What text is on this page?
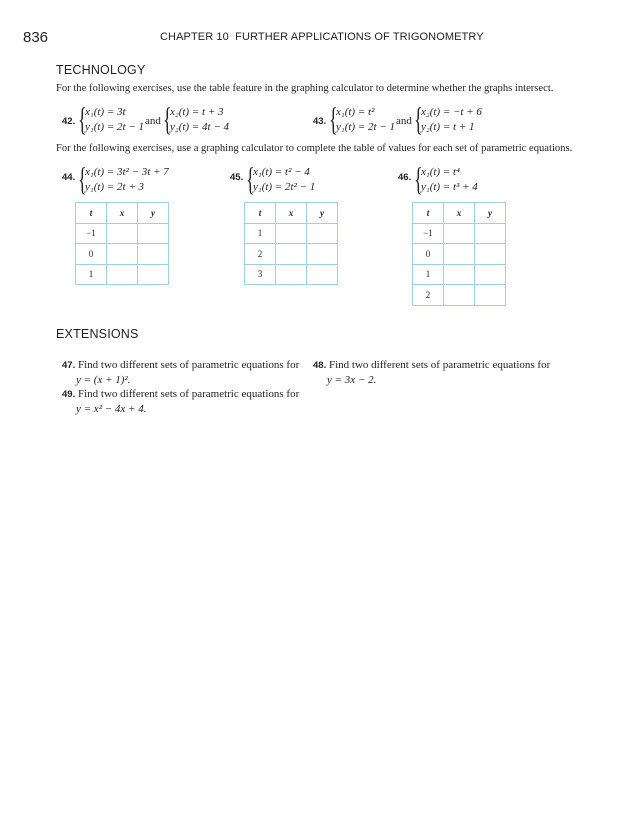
836	CHAPTER 10 FURTHER APPLICATIONS OF TRIGONOMETRY
TECHNOLOGY
For the following exercises, use the table feature in the graphing calculator to determine whether the graphs intersect.
42. {
x₁(t) = 3t
y₁(t) = 2t − 1 and {
x₂(t) = t + 3
y₂(t) = 4t − 4	43. {
x₁(t) = t²
y₁(t) = 2t − 1 and {
x₂(t) = −t + 6
y₂(t) = t + 1
For the following exercises, use a graphing calculator to complete the table of values for each set of parametric equations.
44. {
x₁(t) = 3t² − 3t + 7
y₁(t) = 2t + 3
t	x	y
−1		
0		
1		
45. {
x₁(t) = t² − 4
y₁(t) = 2t² − 1
t	x	y
1		
2		
3		
46. {
x₁(t) = t⁴
y₁(t) = t³ + 4
t	x	y
−1		
0		
1		
2		
EXTENSIONS
47. Find two different sets of parametric equations for
y = (x + 1)².
48. Find two different sets of parametric equations for
y = 3x − 2.
49. Find two different sets of parametric equations for
y = x² − 4x + 4.
